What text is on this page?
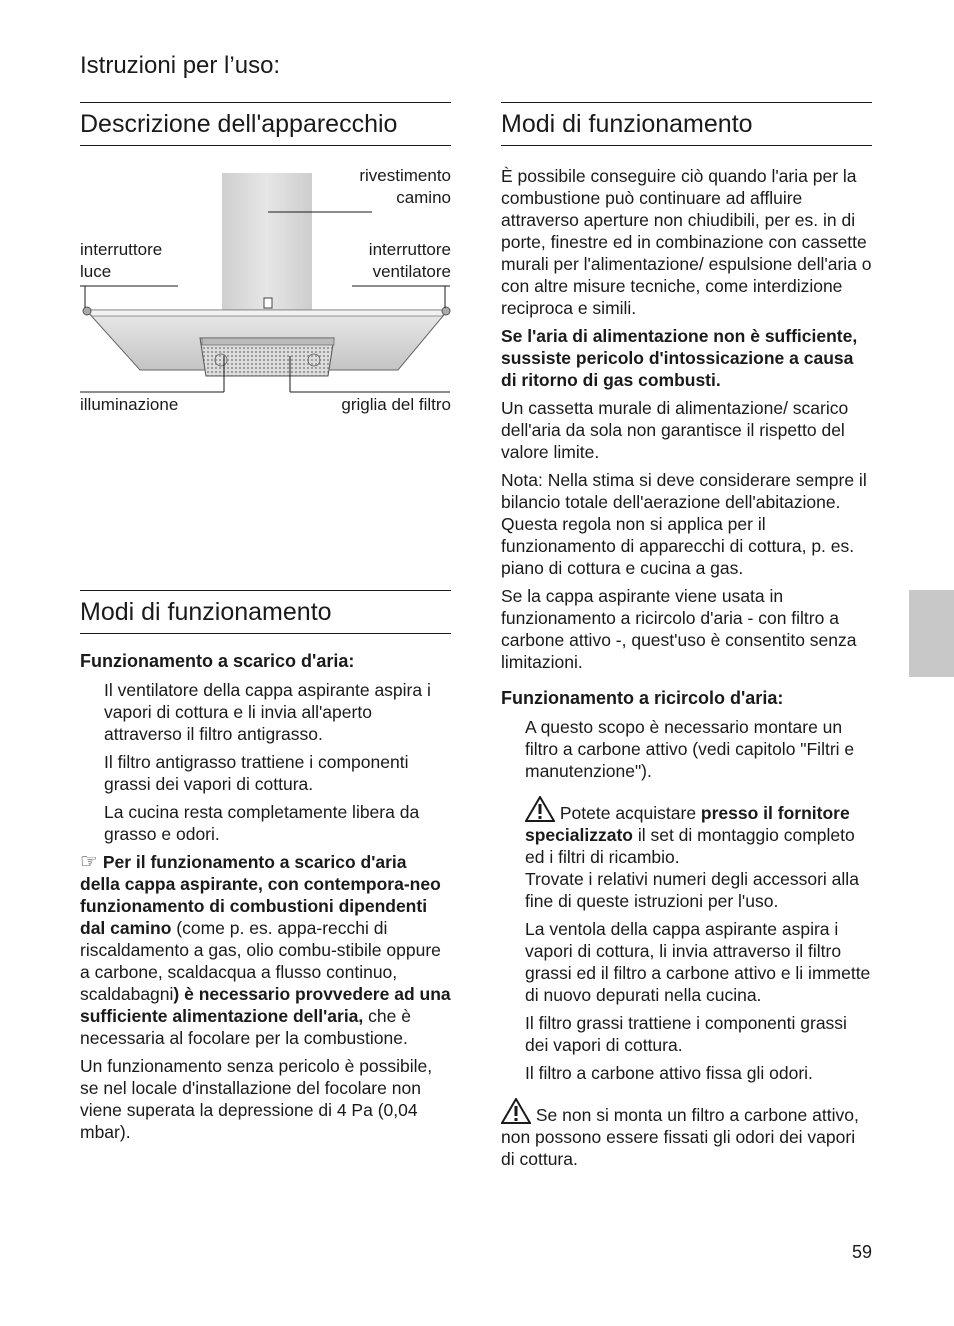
Istruzioni per l’uso:
Descrizione dell'apparecchio
rivestimento
camino
interruttore
luce
interruttore
ventilatore
illuminazione	griglia del filtro
Modi di funzionamento
Funzionamento a scarico d'aria:

Il ventilatore della cappa aspirante aspira i vapori di cottura e li invia all'aperto attraverso il filtro antigrasso.

Il filtro antigrasso trattiene i componenti grassi dei vapori di cottura.

La cucina resta completamente libera da grasso e odori.

☞ Per il funzionamento a scarico d'aria della cappa aspirante, con contempora-neo funzionamento di combustioni dipendenti dal camino (come p. es. appa-recchi di riscaldamento a gas, olio combu-stibile oppure a carbone, scaldacqua a flusso continuo, scaldabagni) è necessario provvedere ad una sufficiente alimentazione dell'aria, che è necessaria al focolare per la combustione.

Un funzionamento senza pericolo è possibile, se nel locale d'installazione del focolare non viene superata la depressione di 4 Pa (0,04 mbar).

Modi di funzionamento

È possibile conseguire ciò quando l'aria per la combustione può continuare ad affluire attraverso aperture non chiudibili, per es. in di porte, finestre ed in combinazione con cassette murali per l'alimentazione/ espulsione dell'aria o con altre misure tecniche, come interdizione reciproca e simili.

Se l'aria di alimentazione non è sufficiente, sussiste pericolo d'intossicazione a causa di ritorno di gas combusti.

Un cassetta murale di alimentazione/ scarico dell'aria da sola non garantisce il rispetto del valore limite.

Nota: Nella stima si deve considerare sempre il bilancio totale dell'aerazione dell'abitazione. Questa regola non si applica per il funzionamento di apparecchi di cottura, p. es. piano di cottura e cucina a gas.

Se la cappa aspirante viene usata in funzionamento a ricircolo d'aria - con filtro a carbone attivo -, quest'uso è consentito senza limitazioni.

Funzionamento a ricircolo d'aria:

A questo scopo è necessario montare un filtro a carbone attivo (vedi capitolo "Filtri e manutenzione").

Potete acquistare presso il fornitore specializzato il set di montaggio completo ed i filtri di ricambio.
Trovate i relativi numeri degli accessori alla fine di queste istruzioni per l'uso.

La ventola della cappa aspirante aspira i vapori di cottura, li invia attraverso il filtro grassi ed il filtro a carbone attivo e li immette di nuovo depurati nella cucina.

Il filtro grassi trattiene i componenti grassi dei vapori di cottura.

Il filtro a carbone attivo fissa gli odori.

Se non si monta un filtro a carbone attivo, non possono essere fissati gli odori dei vapori di cottura.

59
